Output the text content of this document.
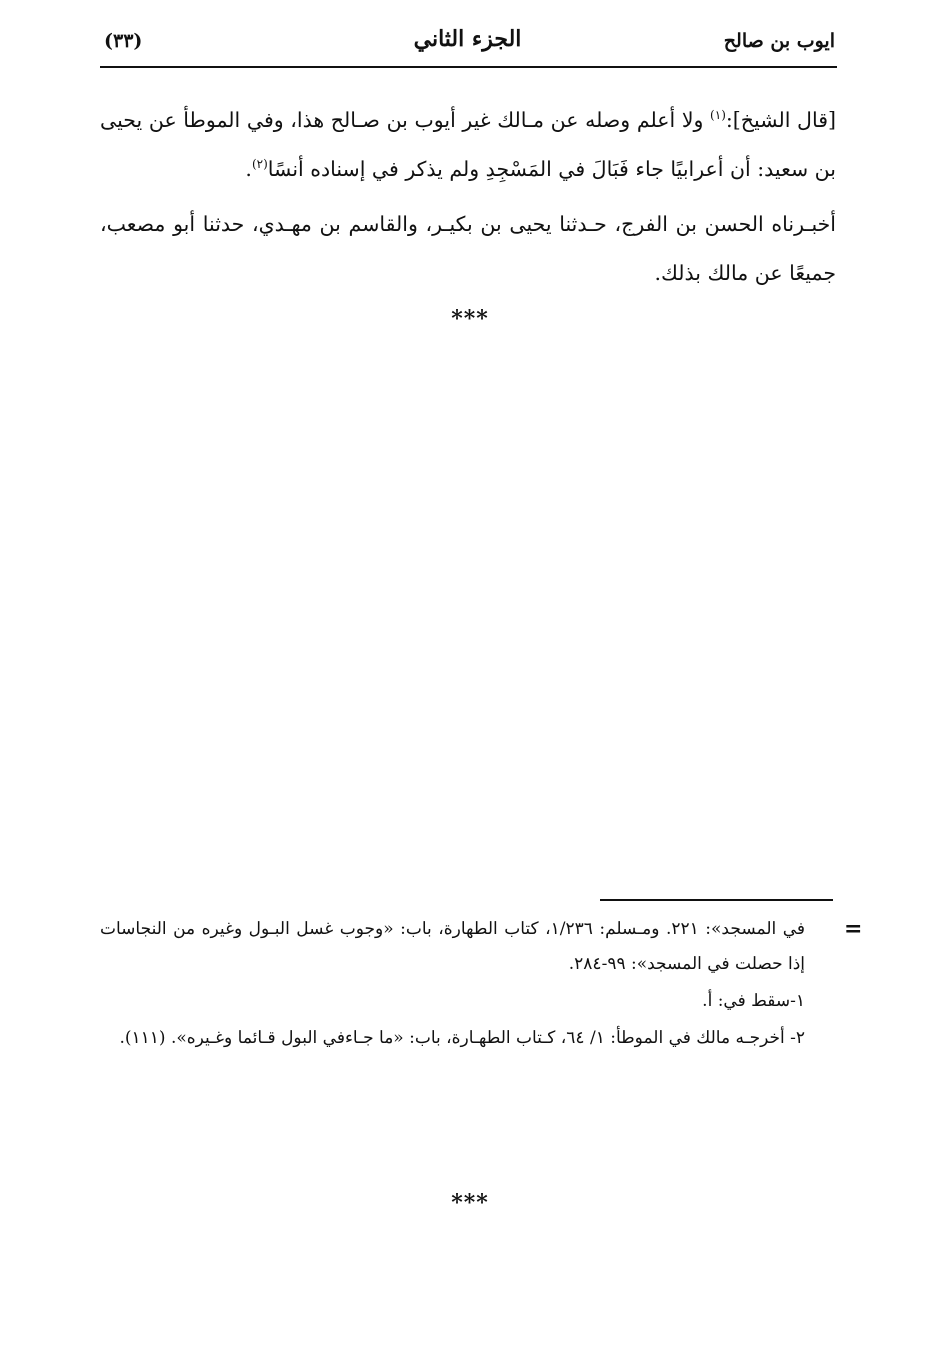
ايوب بن صالح
الجزء الثاني
(٣٣)

[قال الشيخ]:$^{(١)}$ ولا أعلم وصله عن مـالك غير أيوب بن صـالح هذا، وفي الموطأ عن يحيى بن سعيد: أن أعرابيًا جاء فَبَالَ في المَسْجِدِ ولم يذكر في إسناده أنسًا$^{(٢)}$.

أخبـرناه الحسن بن الفرج، حـدثنا يحيى بن بكيـر، والقاسم بن مهـدي، حدثنا أبو مصعب، جميعًا عن مالك بذلك.

***
=

في المسجد»: ٢٢١. ومـسلم: ١/٢٣٦، كتاب الطهارة، باب: «وجوب غسل البـول وغيره من النجاسات إذا حصلت في المسجد»: ٩٩-٢٨٤.

١-سقط في: أ.

٢- أخرجـه مالك في الموطأ: ١/ ٦٤، كـتاب الطهـارة، باب: «ما جـاءفي البول قـائما وغـيره». (١١١).

***
